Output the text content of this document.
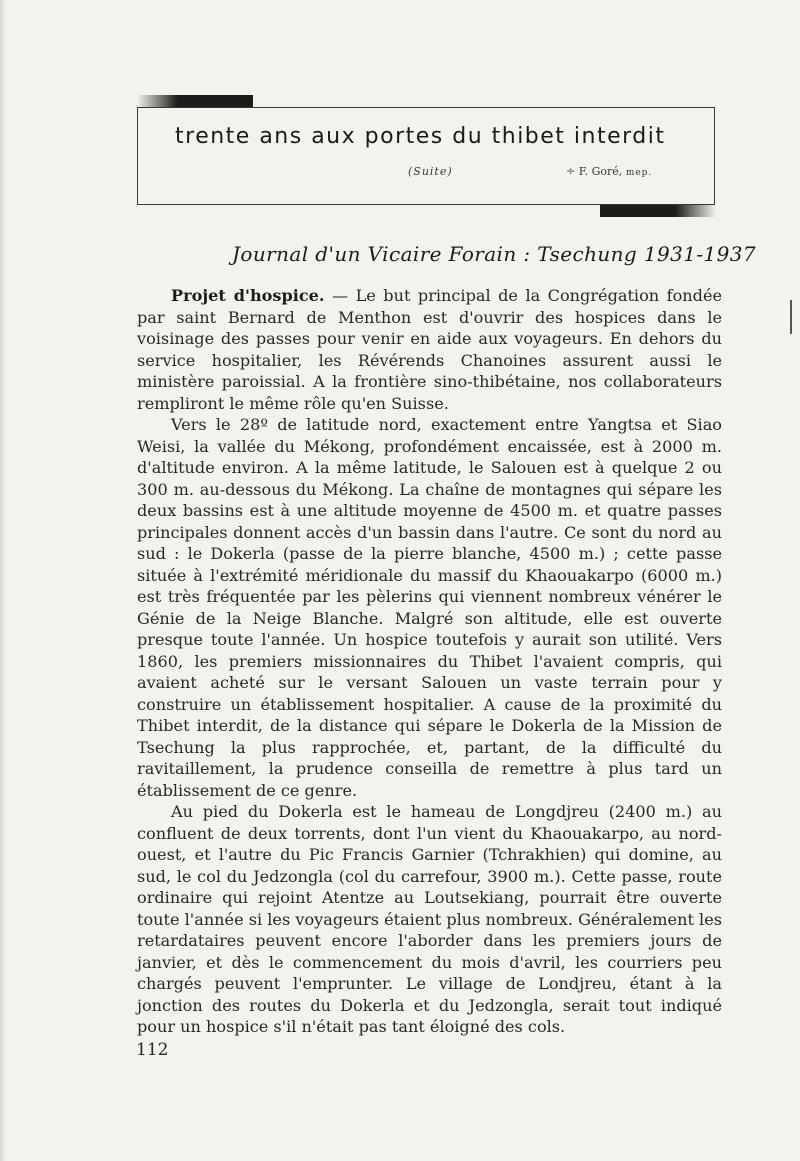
trente ans aux portes du thibet interdit
(Suite)	÷ F. Goré, mep.
Journal d'un Vicaire Forain : Tsechung 1931-1937

Projet d'hospice. — Le but principal de la Congrégation fondée par saint Bernard de Menthon est d'ouvrir des hospices dans le voisinage des passes pour venir en aide aux voyageurs. En dehors du service hospitalier, les Révérends Chanoines assurent aussi le ministère paroissial. A la frontière sino-thibétaine, nos collaborateurs rempliront le même rôle qu'en Suisse.

Vers le 28º de latitude nord, exactement entre Yangtsa et Siao Weisi, la vallée du Mékong, profondément encaissée, est à 2000 m. d'altitude environ. A la même latitude, le Salouen est à quelque 2 ou 300 m. au-dessous du Mékong. La chaîne de montagnes qui sépare les deux bassins est à une altitude moyenne de 4500 m. et quatre passes principales donnent accès d'un bassin dans l'autre. Ce sont du nord au sud : le Dokerla (passe de la pierre blanche, 4500 m.) ; cette passe située à l'extrémité méridionale du massif du Khaouakarpo (6000 m.) est très fréquentée par les pèlerins qui viennent nombreux vénérer le Génie de la Neige Blanche. Malgré son altitude, elle est ouverte presque toute l'année. Un hospice toutefois y aurait son utilité. Vers 1860, les premiers missionnaires du Thibet l'avaient compris, qui avaient acheté sur le versant Salouen un vaste terrain pour y construire un établissement hospitalier. A cause de la proximité du Thibet interdit, de la distance qui sépare le Dokerla de la Mission de Tsechung la plus rapprochée, et, partant, de la difficulté du ravitaillement, la prudence conseilla de remettre à plus tard un établissement de ce genre.

Au pied du Dokerla est le hameau de Longdjreu (2400 m.) au confluent de deux torrents, dont l'un vient du Khaouakarpo, au nord-ouest, et l'autre du Pic Francis Garnier (Tchrakhien) qui domine, au sud, le col du Jedzongla (col du carrefour, 3900 m.). Cette passe, route ordinaire qui rejoint Atentze au Loutsekiang, pourrait être ouverte toute l'année si les voyageurs étaient plus nombreux. Généralement les retardataires peuvent encore l'aborder dans les premiers jours de janvier, et dès le commencement du mois d'avril, les courriers peu chargés peuvent l'emprunter. Le village de Londjreu, étant à la jonction des routes du Dokerla et du Jedzongla, serait tout indiqué pour un hospice s'il n'était pas tant éloigné des cols.

112
